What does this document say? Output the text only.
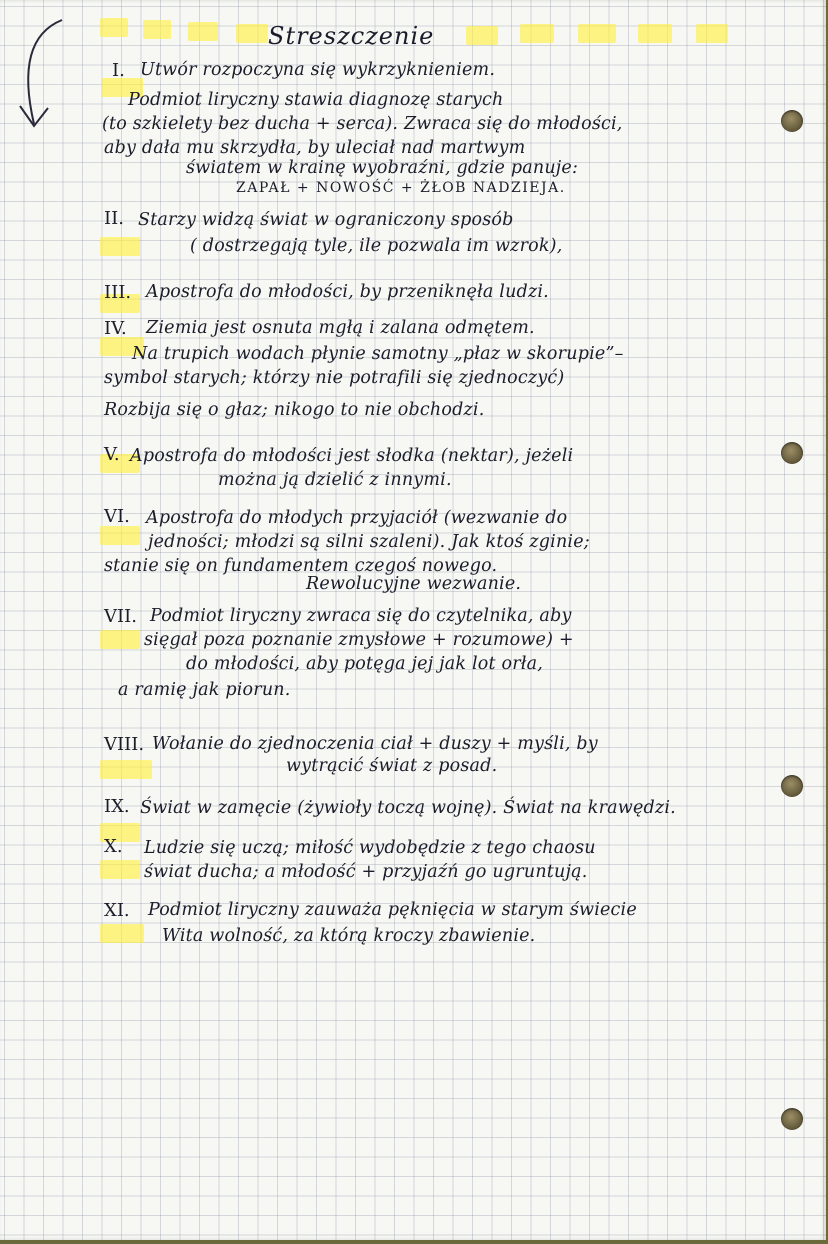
Streszczenie
I. Utwór rozpoczyna się wykrzyknieniem.
Podmiot liryczny stawia diagnozę starych
(to szkielety bez ducha + serca). Zwraca się do młodości,
aby dała mu skrzydła, by uleciał nad martwym
światem w krainę wyobraźni, gdzie panuje:
ZAPAŁ + NOWOŚĆ + ŻŁOB NADZIEJA.
II. Starzy widzą świat w ograniczony sposób
( dostrzegają tyle, ile pozwala im wzrok),
III. Apostrofa do młodości, by przeniknęła ludzi.
IV. Ziemia jest osnuta mgłą i zalana odmętem.
Na trupich wodach płynie samotny „płaz w skorupie”–
symbol starych; którzy nie potrafili się zjednoczyć)
Rozbija się o głaz; nikogo to nie obchodzi.
V. Apostrofa do młodości jest słodka (nektar), jeżeli
można ją dzielić z innymi.
VI. Apostrofa do młodych przyjaciół (wezwanie do
jedności; młodzi są silni szaleni). Jak ktoś zginie;
stanie się on fundamentem czegoś nowego.
Rewolucyjne wezwanie.
VII. Podmiot liryczny zwraca się do czytelnika, aby
sięgał poza poznanie zmysłowe + rozumowe) +
do młodości, aby potęga jej jak lot orła,
a ramię jak piorun.
VIII. Wołanie do zjednoczenia ciał + duszy + myśli, by
wytrącić świat z posad.
IX. Świat w zamęcie (żywioły toczą wojnę). Świat na krawędzi.
X. Ludzie się uczą; miłość wydobędzie z tego chaosu
świat ducha; a młodość + przyjaźń go ugruntują.
XI. Podmiot liryczny zauważa pęknięcia w starym świecie
Wita wolność, za którą kroczy zbawienie.
